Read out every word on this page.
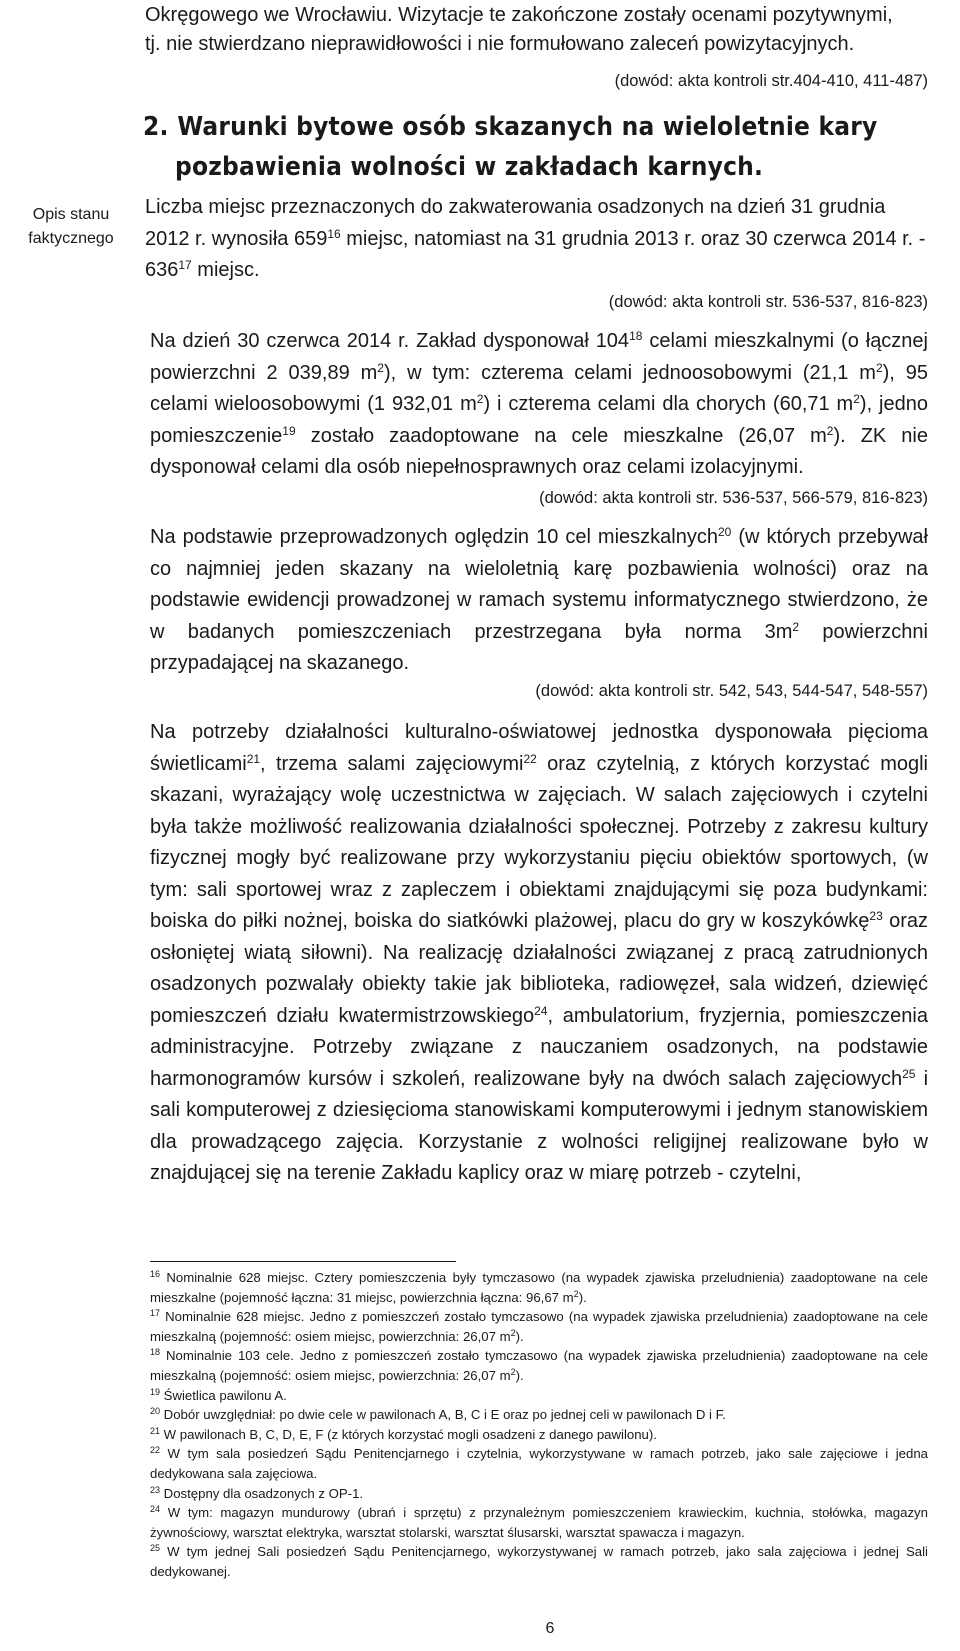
Okręgowego we Wrocławiu. Wizytacje te zakończone zostały ocenami pozytywnymi,

tj. nie stwierdzano nieprawidłowości i nie formułowano zaleceń powizytacyjnych.

(dowód: akta kontroli str.404-410, 411-487)
2. Warunki bytowe osób skazanych na wieloletnie kary
pozbawienia wolności w zakładach karnych.
Opis stanu
faktycznego

Liczba miejsc przeznaczonych do zakwaterowania osadzonych na dzień 31 grudnia 2012 r. wynosiła $659^{16}$ miejsc, natomiast na 31 grudnia 2013 r. oraz 30 czerwca 2014 r. - $636^{17}$ miejsc.

(dowód: akta kontroli str. 536-537, 816-823)

Na dzień 30 czerwca 2014 r. Zakład dysponował $104^{18}$ celami mieszkalnymi (o łącznej powierzchni 2 039,89 $m^2$), w tym: czterema celami jednoosobowymi (21,1 $m^2$), 95 celami wieloosobowymi (1 932,01 $m^2$) i czterema celami dla chorych (60,71 $m^2$), jedno pomieszczenie$^{19}$ zostało zaadoptowane na cele mieszkalne (26,07 $m^2$). ZK nie dysponował celami dla osób niepełnosprawnych oraz celami izolacyjnymi.

(dowód: akta kontroli str. 536-537, 566-579, 816-823)

Na podstawie przeprowadzonych oględzin 10 cel mieszkalnych$^{20}$ (w których przebywał co najmniej jeden skazany na wieloletnią karę pozbawienia wolności) oraz na podstawie ewidencji prowadzonej w ramach systemu informatycznego stwierdzono, że w badanych pomieszczeniach przestrzegana była norma $3m^2$ powierzchni przypadającej na skazanego.

(dowód: akta kontroli str. 542, 543, 544-547, 548-557)

Na potrzeby działalności kulturalno-oświatowej jednostka dysponowała pięcioma świetlicami$^{21}$, trzema salami zajęciowymi$^{22}$ oraz czytelnią, z których korzystać mogli skazani, wyrażający wolę uczestnictwa w zajęciach. W salach zajęciowych i czytelni była także możliwość realizowania działalności społecznej. Potrzeby z zakresu kultury fizycznej mogły być realizowane przy wykorzystaniu pięciu obiektów sportowych, (w tym: sali sportowej wraz z zapleczem i obiektami znajdującymi się poza budynkami: boiska do piłki nożnej, boiska do siatkówki plażowej, placu do gry w koszykówkę$^{23}$ oraz osłoniętej wiatą siłowni). Na realizację działalności związanej z pracą zatrudnionych osadzonych pozwalały obiekty takie jak biblioteka, radiowęzeł, sala widzeń, dziewięć pomieszczeń działu kwatermistrzowskiego$^{24}$, ambulatorium, fryzjernia, pomieszczenia administracyjne. Potrzeby związane z nauczaniem osadzonych, na podstawie harmonogramów kursów i szkoleń, realizowane były na dwóch salach zajęciowych$^{25}$ i sali komputerowej z dziesięcioma stanowiskami komputerowymi i jednym stanowiskiem dla prowadzącego zajęcia. Korzystanie z wolności religijnej realizowane było w znajdującej się na terenie Zakładu kaplicy oraz w miarę potrzeb - czytelni,

$^{16}$ Nominalnie 628 miejsc. Cztery pomieszczenia były tymczasowo (na wypadek zjawiska przeludnienia) zaadoptowane na cele mieszkalne (pojemność łączna: 31 miejsc, powierzchnia łączna: 96,67 $m^2$).

$^{17}$ Nominalnie 628 miejsc. Jedno z pomieszczeń zostało tymczasowo (na wypadek zjawiska przeludnienia) zaadoptowane na cele mieszkalną (pojemność: osiem miejsc, powierzchnia: 26,07 $m^2$).

$^{18}$ Nominalnie 103 cele. Jedno z pomieszczeń zostało tymczasowo (na wypadek zjawiska przeludnienia) zaadoptowane na cele mieszkalną (pojemność: osiem miejsc, powierzchnia: 26,07 $m^2$).

$^{19}$ Świetlica pawilonu A.

$^{20}$ Dobór uwzględniał: po dwie cele w pawilonach A, B, C i E oraz po jednej celi w pawilonach D i F.

$^{21}$ W pawilonach B, C, D, E, F (z których korzystać mogli osadzeni z danego pawilonu).

$^{22}$ W tym sala posiedzeń Sądu Penitencjarnego i czytelnia, wykorzystywane w ramach potrzeb, jako sale zajęciowe i jedna dedykowana sala zajęciowa.

$^{23}$ Dostępny dla osadzonych z OP-1.

$^{24}$ W tym: magazyn mundurowy (ubrań i sprzętu) z przynależnym pomieszczeniem krawieckim, kuchnia, stołówka, magazyn żywnościowy, warsztat elektryka, warsztat stolarski, warsztat ślusarski, warsztat spawacza i magazyn.

$^{25}$ W tym jednej Sali posiedzeń Sądu Penitencjarnego, wykorzystywanej w ramach potrzeb, jako sala zajęciowa i jednej Sali dedykowanej.

6
